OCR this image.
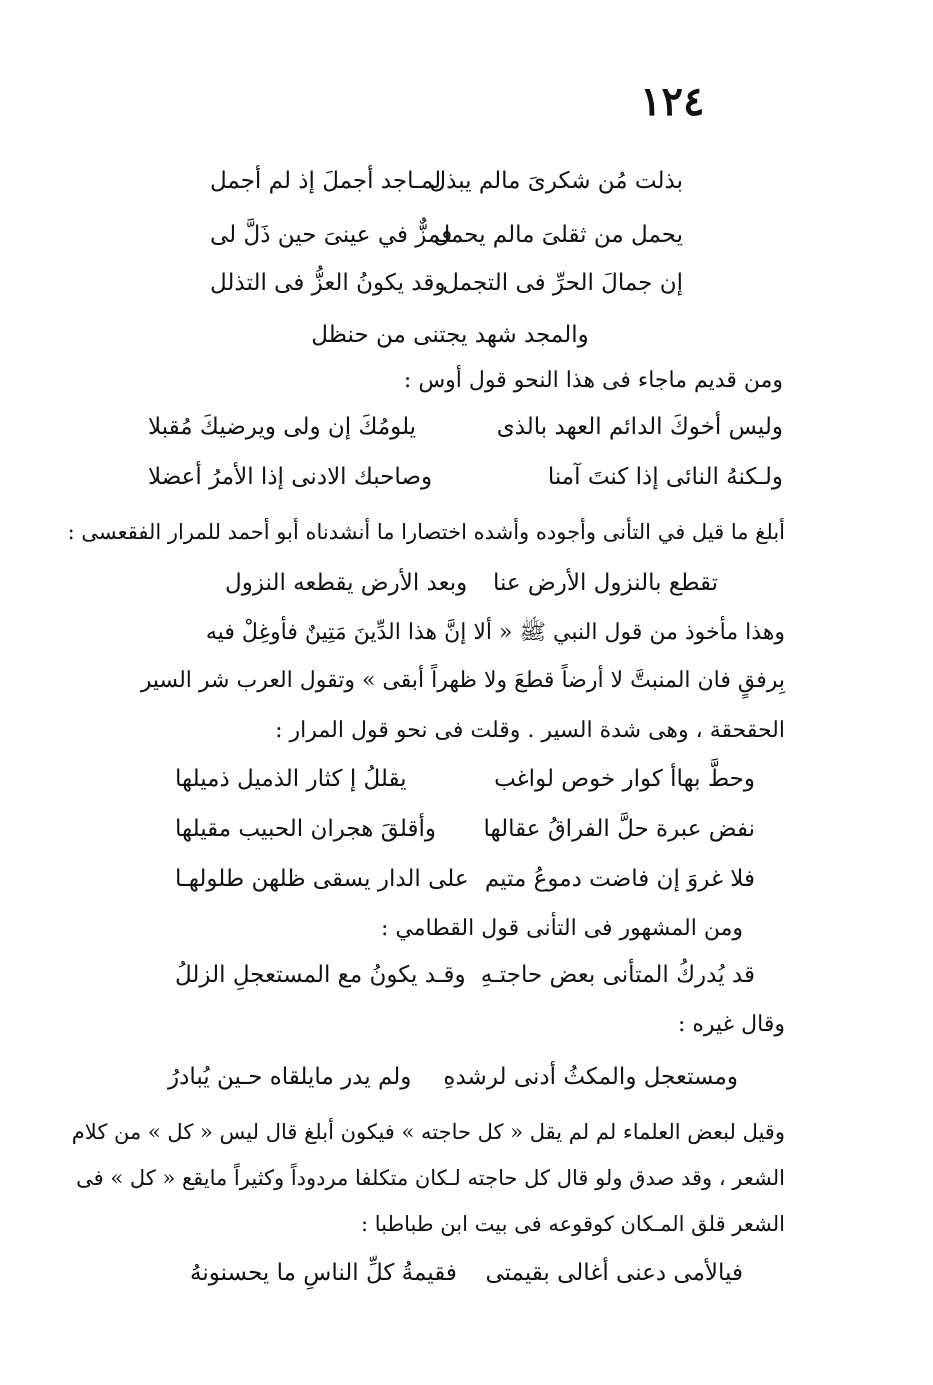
١٢٤
بذلت مُن شكرىَ مالم يبذل
لمـاجد أجملَ إذ لم أجمل
يحمل من ثقلىَ مالم يحمل
فمزٌّ في عينىَ حين ذَلَّ لى
إن جمالَ الحرِّ فى التجمل
وقد يكونُ العزُّ فى التذلل
والمجد شهد يجتنى من حنظل
ومن قديم ماجاء فى هذا النحو قول أوس :
وليس أخوكَ الدائم العهد بالذى
يلومُكَ إن ولى ويرضيكَ مُقبلا
ولـكنهُ النائى إذا كنتَ آمنا
وصاحبك الادنى إذا الأمرُ أعضلا
أبلغ ما قيل في التأنى وأجوده وأشده اختصارا ما أنشدناه أبو أحمد للمرار الفقعسى :
تقطع بالنزول الأرض عنا
وبعد الأرض يقطعه النزول
وهذا مأخوذ من قول النبي ﷺ « ألا إنَّ هذا الدِّينَ مَتِينٌ فأوغِلْ فيه
بِرفقٍ فان المنبتَّ لا أرضاً قطعَ ولا ظهراً أبقى » وتقول العرب شر السير
الحقحقة ، وهى شدة السير . وقلت فى نحو قول المرار :
وحطَّ بهاأ كوار خوص لواغب
يقللُ إ كثار الذميل ذميلها
نفض عبرة حلَّ الفراقُ عقالها
وأقلقَ هجران الحبيب مقيلها
فلا غروَ إن فاضت دموعُ متيم
على الدار يسقى ظلهن طلولهـا
ومن المشهور فى التأنى قول القطامي :
قد يُدركُ المتأنى بعض حاجتـهِ
وقـد يكونُ مع المستعجلِ الزللُ
وقال غيره :
ومستعجل والمكثُ أدنى لرشدهِ
ولم يدر مايلقاه حـين يُبادرُ
وقيل لبعض العلماء لم لم يقل « كل حاجته » فيكون أبلغ قال ليس « كل » من كلام
الشعر ، وقد صدق ولو قال كل حاجته لـكان متكلفا مردوداً وكثيراً مايقع « كل » فى
الشعر قلق المـكان كوقوعه فى بيت ابن طباطبا :
فيالأمى دعنى أغالى بقيمتى
فقيمةُ كلِّ الناسِ ما يحسنونهُ
